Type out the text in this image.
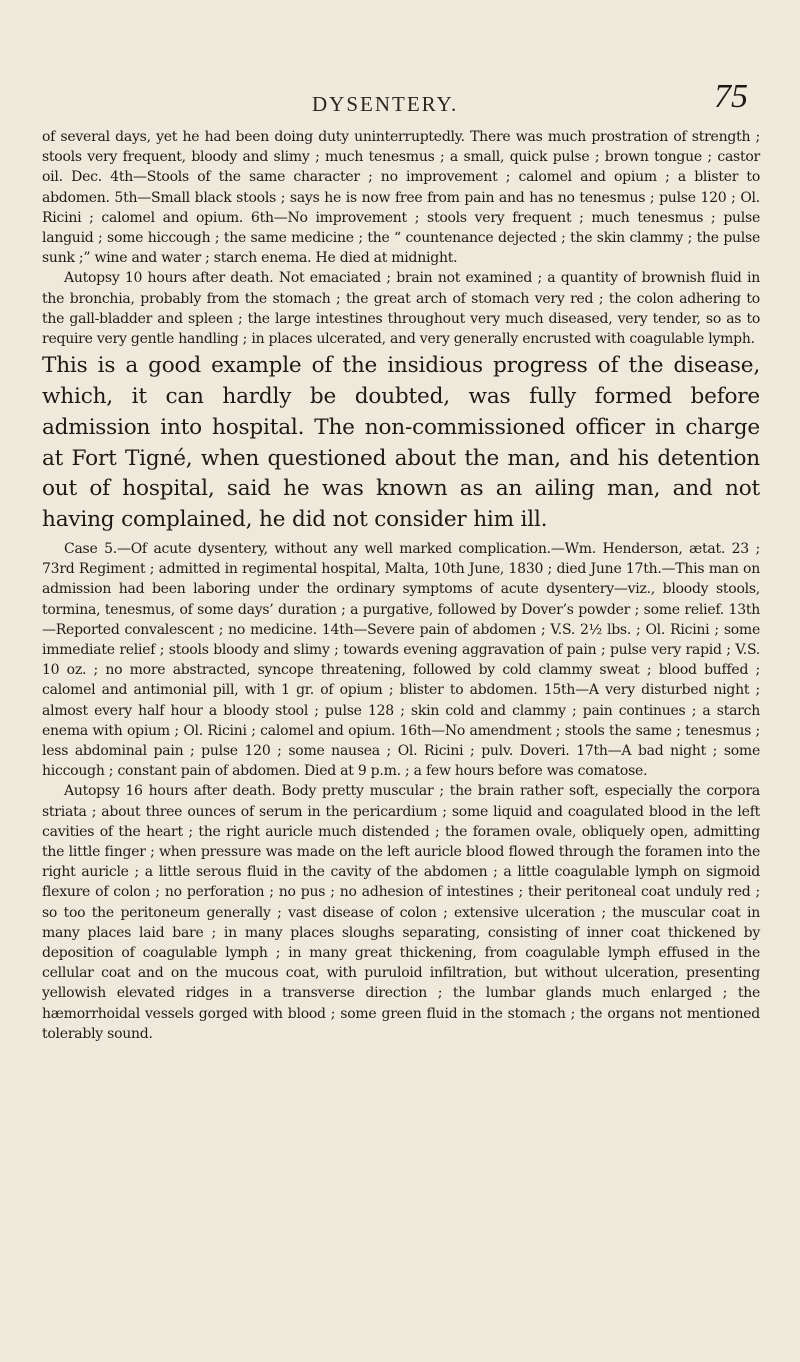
DYSENTERY.	75

of several days, yet he had been doing duty uninterruptedly. There was much prostration of strength ; stools very frequent, bloody and slimy ; much tenesmus ; a small, quick pulse ; brown tongue ; castor oil. Dec. 4th—Stools of the same character ; no improvement ; calomel and opium ; a blister to abdomen. 5th—Small black stools ; says he is now free from pain and has no tenesmus ; pulse 120 ; Ol. Ricini ; calomel and opium. 6th—No improvement ; stools very frequent ; much tenesmus ; pulse languid ; some hiccough ; the same medicine ; the “ countenance dejected ; the skin clammy ; the pulse sunk ;” wine and water ; starch enema. He died at midnight.

Autopsy 10 hours after death. Not emaciated ; brain not examined ; a quantity of brownish fluid in the bronchia, probably from the stomach ; the great arch of stomach very red ; the colon adhering to the gall-bladder and spleen ; the large intestines throughout very much diseased, very tender, so as to require very gentle handling ; in places ulcerated, and very generally encrusted with coagulable lymph.

This is a good example of the insidious progress of the disease, which, it can hardly be doubted, was fully formed before admission into hospital. The non-commissioned officer in charge at Fort Tigné, when questioned about the man, and his detention out of hospital, said he was known as an ailing man, and not having complained, he did not consider him ill.

Case 5.—Of acute dysentery, without any well marked complication.—Wm. Henderson, ætat. 23 ; 73rd Regiment ; admitted in regimental hospital, Malta, 10th June, 1830 ; died June 17th.—This man on admission had been laboring under the ordinary symptoms of acute dysentery—viz., bloody stools, tormina, tenesmus, of some days’ duration ; a purgative, followed by Dover’s powder ; some relief. 13th—Reported convalescent ; no medicine. 14th—Severe pain of abdomen ; V.S. 2½ lbs. ; Ol. Ricini ; some immediate relief ; stools bloody and slimy ; towards evening aggravation of pain ; pulse very rapid ; V.S. 10 oz. ; no more abstracted, syncope threatening, followed by cold clammy sweat ; blood buffed ; calomel and antimonial pill, with 1 gr. of opium ; blister to abdomen. 15th—A very disturbed night ; almost every half hour a bloody stool ; pulse 128 ; skin cold and clammy ; pain continues ; a starch enema with opium ; Ol. Ricini ; calomel and opium. 16th—No amendment ; stools the same ; tenesmus ; less abdominal pain ; pulse 120 ; some nausea ; Ol. Ricini ; pulv. Doveri. 17th—A bad night ; some hiccough ; constant pain of abdomen. Died at 9 p.m. ; a few hours before was comatose.

Autopsy 16 hours after death. Body pretty muscular ; the brain rather soft, especially the corpora striata ; about three ounces of serum in the pericardium ; some liquid and coagulated blood in the left cavities of the heart ; the right auricle much distended ; the foramen ovale, obliquely open, admitting the little finger ; when pressure was made on the left auricle blood flowed through the foramen into the right auricle ; a little serous fluid in the cavity of the abdomen ; a little coagulable lymph on sigmoid flexure of colon ; no perforation ; no pus ; no adhesion of intestines ; their peritoneal coat unduly red ; so too the peritoneum generally ; vast disease of colon ; extensive ulceration ; the muscular coat in many places laid bare ; in many places sloughs separating, consisting of inner coat thickened by deposition of coagulable lymph ; in many great thickening, from coagulable lymph effused in the cellular coat and on the mucous coat, with puruloid infiltration, but without ulceration, presenting yellowish elevated ridges in a transverse direction ; the lumbar glands much enlarged ; the hæmorrhoidal vessels gorged with blood ; some green fluid in the stomach ; the organs not mentioned tolerably sound.
